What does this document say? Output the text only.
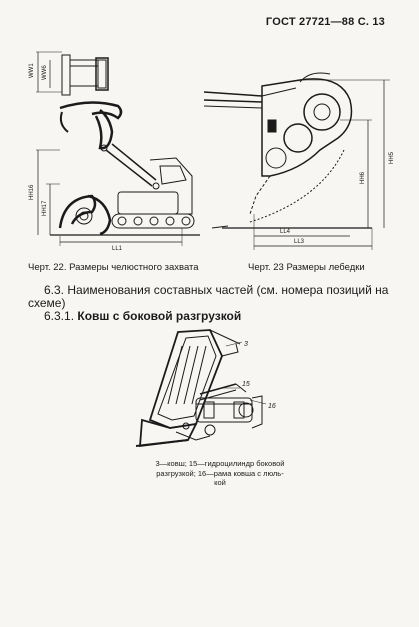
ГОСТ 27721—88 С. 13
WW1 WW6
HH16
HH17
LL1
HH5
HH6
LL4
LL3
Черт. 22. Размеры челюстного захвата	Черт. 23 Размеры лебедки
6.3. Наименования составных частей (см. номера позиций на
схеме)
6.3.1. Ковш с боковой разгрузкой
3
15
16
3—ковш; 15—гидроцилиндр боковой
разгрузкой; 16—рама ковша с люль-
кой
